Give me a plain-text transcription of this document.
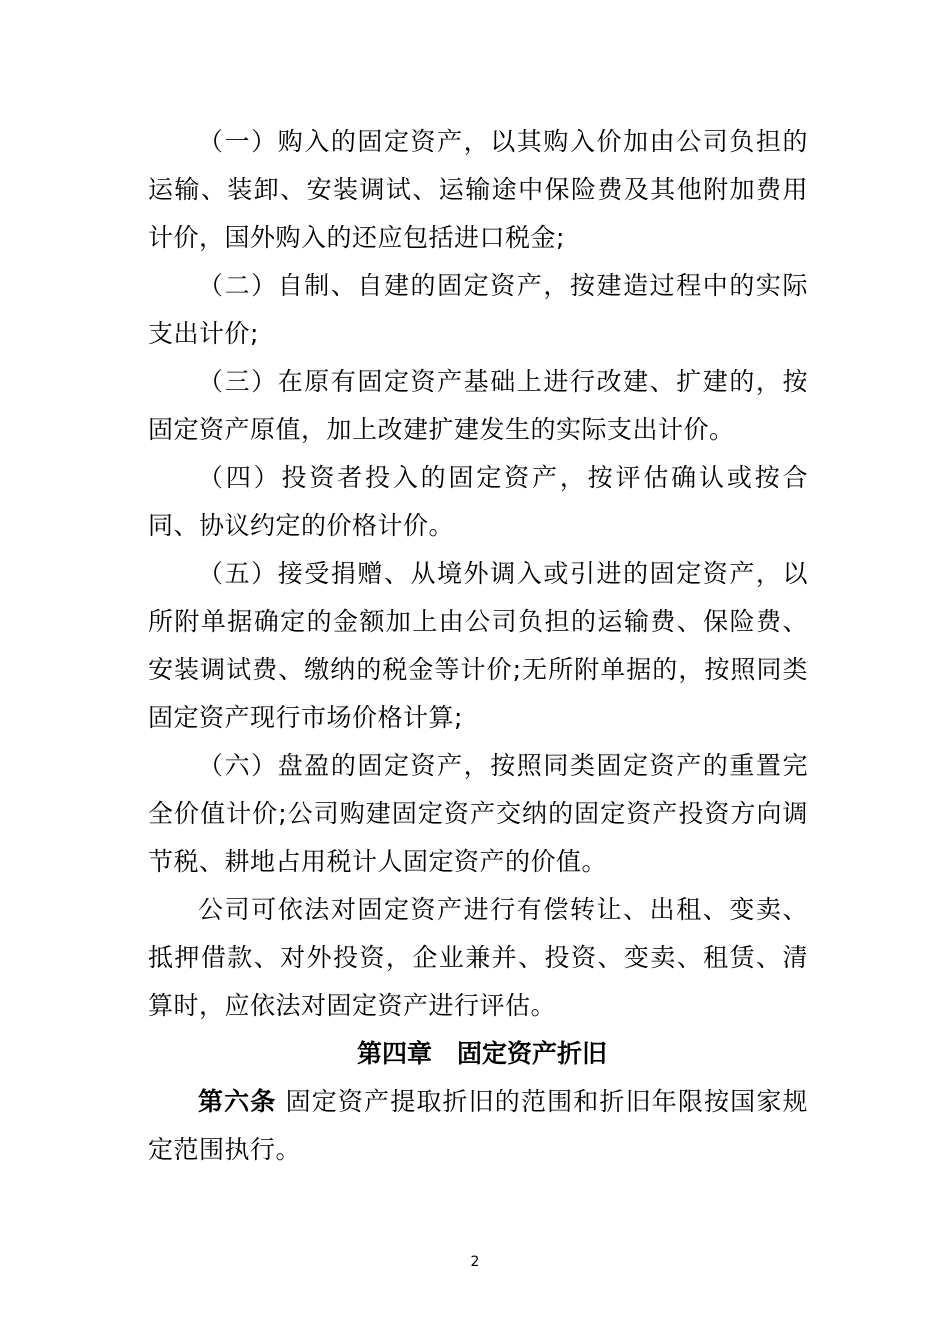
（一）购入的固定资产，以其购入价加由公司负担的运输、装卸、安装调试、运输途中保险费及其他附加费用计价，国外购入的还应包括进口税金;

（二）自制、自建的固定资产，按建造过程中的实际支出计价;

（三）在原有固定资产基础上进行改建、扩建的，按固定资产原值，加上改建扩建发生的实际支出计价。

（四）投资者投入的固定资产，按评估确认或按合同、协议约定的价格计价。

（五）接受捐赠、从境外调入或引进的固定资产，以所附单据确定的金额加上由公司负担的运输费、保险费、安装调试费、缴纳的税金等计价;无所附单据的，按照同类固定资产现行市场价格计算;

（六）盘盈的固定资产，按照同类固定资产的重置完全价值计价;公司购建固定资产交纳的固定资产投资方向调节税、耕地占用税计人固定资产的价值。

公司可依法对固定资产进行有偿转让、出租、变卖、抵押借款、对外投资，企业兼并、投资、变卖、租赁、清算时，应依法对固定资产进行评估。

第四章　固定资产折旧

第六条 固定资产提取折旧的范围和折旧年限按国家规定范围执行。

2
